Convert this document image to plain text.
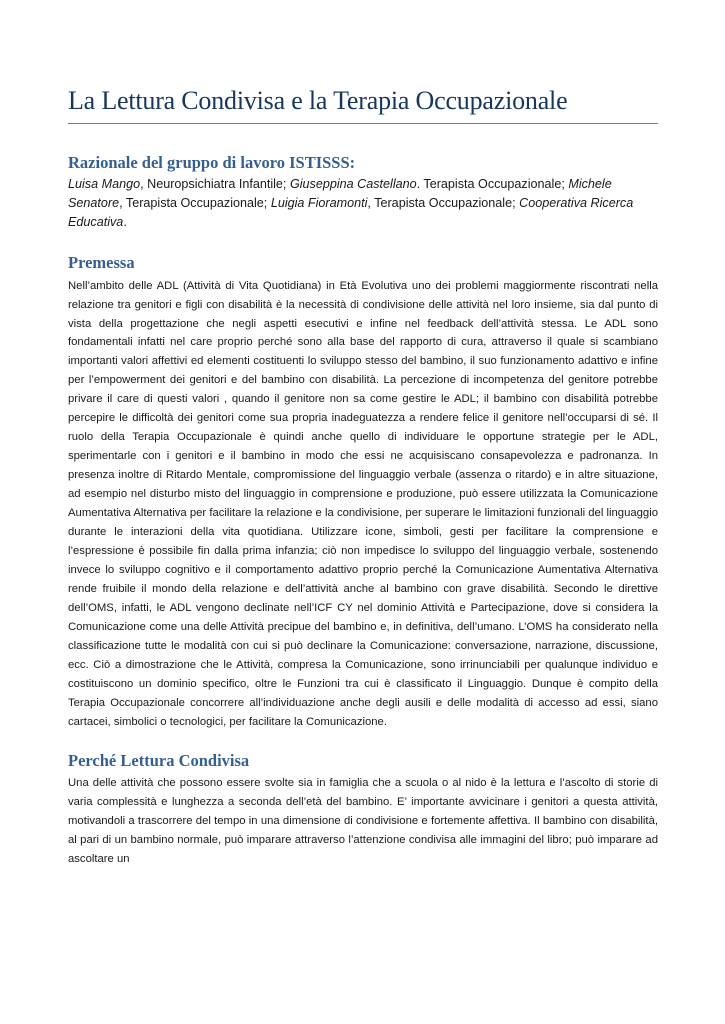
La Lettura Condivisa e la Terapia Occupazionale
Razionale del gruppo di lavoro ISTISSS:

Luisa Mango, Neuropsichiatra Infantile; Giuseppina Castellano. Terapista Occupazionale; Michele Senatore, Terapista Occupazionale; Luigia Fioramonti, Terapista Occupazionale; Cooperativa Ricerca Educativa.

Premessa

Nell’ambito delle ADL (Attività di Vita Quotidiana) in Età Evolutiva uno dei problemi maggiormente riscontrati nella relazione tra genitori e figli con disabilità è la necessità di condivisione delle attività nel loro insieme, sia dal punto di vista della progettazione che negli aspetti esecutivi e infine nel feedback dell’attività stessa. Le ADL sono fondamentali infatti nel care proprio perché sono alla base del rapporto di cura, attraverso il quale si scambiano importanti valori affettivi ed elementi costituenti lo sviluppo stesso del bambino, il suo funzionamento adattivo e infine per l’empowerment dei genitori e del bambino con disabilità. La percezione di incompetenza del genitore potrebbe privare il care di questi valori , quando il genitore non sa come gestire le ADL; il bambino con disabilità potrebbe percepire le difficoltà dei genitori come sua propria inadeguatezza a rendere felice il genitore nell’occuparsi di sé. Il ruolo della Terapia Occupazionale è quindi anche quello di individuare le opportune strategie per le ADL, sperimentarle con i genitori e il bambino in modo che essi ne acquisiscano consapevolezza e padronanza. In presenza inoltre di Ritardo Mentale, compromissione del linguaggio verbale (assenza o ritardo) e in altre situazione, ad esempio nel disturbo misto del linguaggio in comprensione e produzione, può essere utilizzata la Comunicazione Aumentativa Alternativa per facilitare la relazione e la condivisione, per superare le limitazioni funzionali del linguaggio durante le interazioni della vita quotidiana. Utilizzare icone, simboli, gesti per facilitare la comprensione e l’espressione è possibile fin dalla prima infanzia; ciò non impedisce lo sviluppo del linguaggio verbale, sostenendo invece lo sviluppo cognitivo e il comportamento adattivo proprio perché la Comunicazione Aumentativa Alternativa rende fruibile il mondo della relazione e dell’attività anche al bambino con grave disabilità. Secondo le direttive dell’OMS, infatti, le ADL vengono declinate nell’ICF CY nel dominio Attività e Partecipazione, dove si considera la Comunicazione come una delle Attività precipue del bambino e, in definitiva, dell’umano. L’OMS ha considerato nella classificazione tutte le modalità con cui si può declinare la Comunicazione: conversazione, narrazione, discussione, ecc. Ciò a dimostrazione che le Attività, compresa la Comunicazione, sono irrinunciabili per qualunque individuo e costituiscono un dominio specifico, oltre le Funzioni tra cui è classificato il Linguaggio. Dunque è compito della Terapia Occupazionale concorrere all’individuazione anche degli ausili e delle modalità di accesso ad essi, siano cartacei, simbolici o tecnologici, per facilitare la Comunicazione.

Perché Lettura Condivisa

Una delle attività che possono essere svolte sia in famiglia che a scuola o al nido è la lettura e l’ascolto di storie di varia complessità e lunghezza a seconda dell’età del bambino. E’ importante avvicinare i genitori a questa attività, motivandoli a trascorrere del tempo in una dimensione di condivisione e fortemente affettiva. Il bambino con disabilità, al pari di un bambino normale, può imparare attraverso l’attenzione condivisa alle immagini del libro; può imparare ad ascoltare un
